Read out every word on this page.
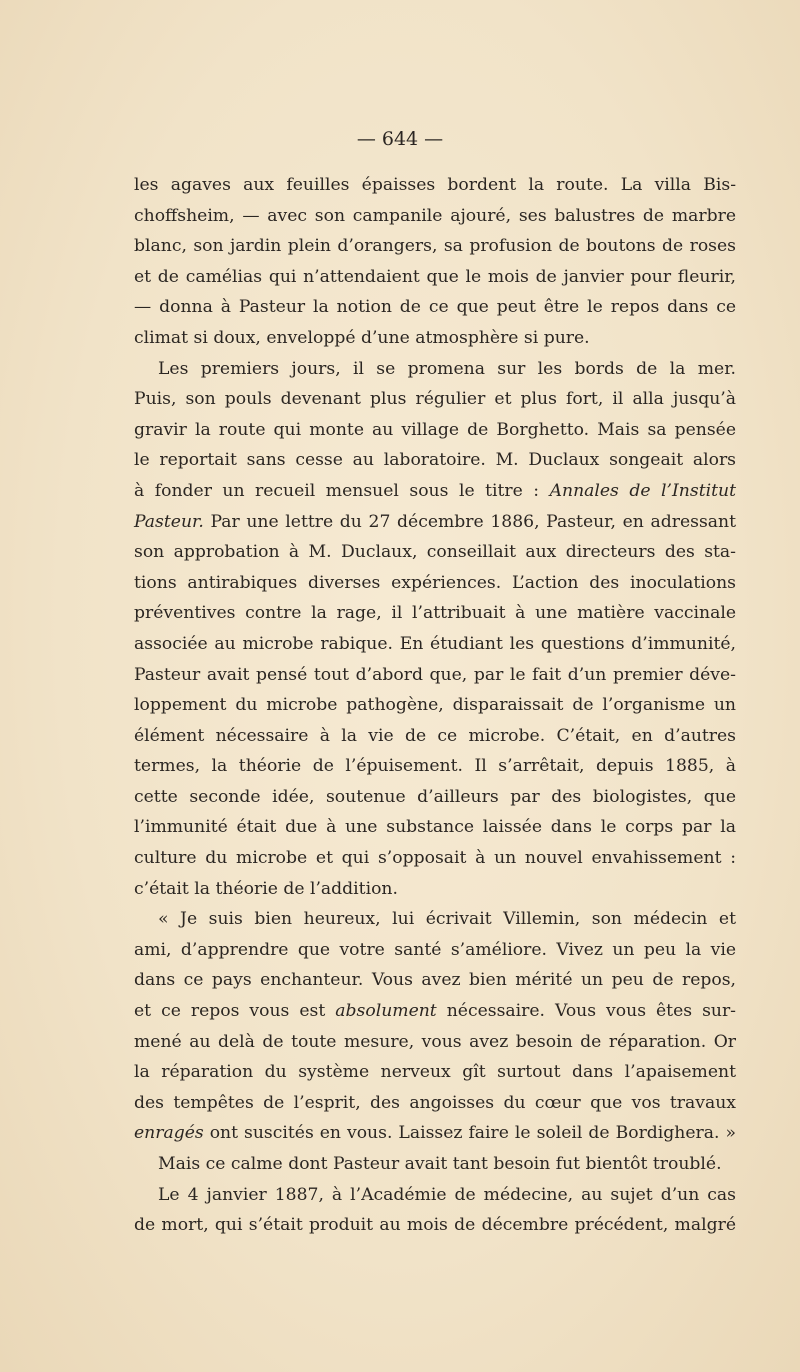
— 644 —
les agaves aux feuilles épaisses bordent la route. La villa Bis-
choffsheim, — avec son campanile ajouré, ses balustres de marbre
blanc, son jardin plein d’orangers, sa profusion de boutons de roses
et de camélias qui n’attendaient que le mois de janvier pour fleurir,
— donna à Pasteur la notion de ce que peut être le repos dans ce
climat si doux, enveloppé d’une atmosphère si pure.
Les premiers jours, il se promena sur les bords de la mer.
Puis, son pouls devenant plus régulier et plus fort, il alla jusqu’à
gravir la route qui monte au village de Borghetto. Mais sa pensée
le reportait sans cesse au laboratoire. M. Duclaux songeait alors
à fonder un recueil mensuel sous le titre : Annales de l’Institut
Pasteur. Par une lettre du 27 décembre 1886, Pasteur, en adressant
son approbation à M. Duclaux, conseillait aux directeurs des sta-
tions antirabiques diverses expériences. L’action des inoculations
préventives contre la rage, il l’attribuait à une matière vaccinale
associée au microbe rabique. En étudiant les questions d’immunité,
Pasteur avait pensé tout d’abord que, par le fait d’un premier déve-
loppement du microbe pathogène, disparaissait de l’organisme un
élément nécessaire à la vie de ce microbe. C’était, en d’autres
termes, la théorie de l’épuisement. Il s’arrêtait, depuis 1885, à
cette seconde idée, soutenue d’ailleurs par des biologistes, que
l’immunité était due à une substance laissée dans le corps par la
culture du microbe et qui s’opposait à un nouvel envahissement :
c’était la théorie de l’addition.
« Je suis bien heureux, lui écrivait Villemin, son médecin et
ami, d’apprendre que votre santé s’améliore. Vivez un peu la vie
dans ce pays enchanteur. Vous avez bien mérité un peu de repos,
et ce repos vous est absolument nécessaire. Vous vous êtes sur-
mené au delà de toute mesure, vous avez besoin de réparation. Or
la réparation du système nerveux gît surtout dans l’apaisement
des tempêtes de l’esprit, des angoisses du cœur que vos travaux
enragés ont suscités en vous. Laissez faire le soleil de Bordighera. »
Mais ce calme dont Pasteur avait tant besoin fut bientôt troublé.
Le 4 janvier 1887, à l’Académie de médecine, au sujet d’un cas
de mort, qui s’était produit au mois de décembre précédent, malgré
